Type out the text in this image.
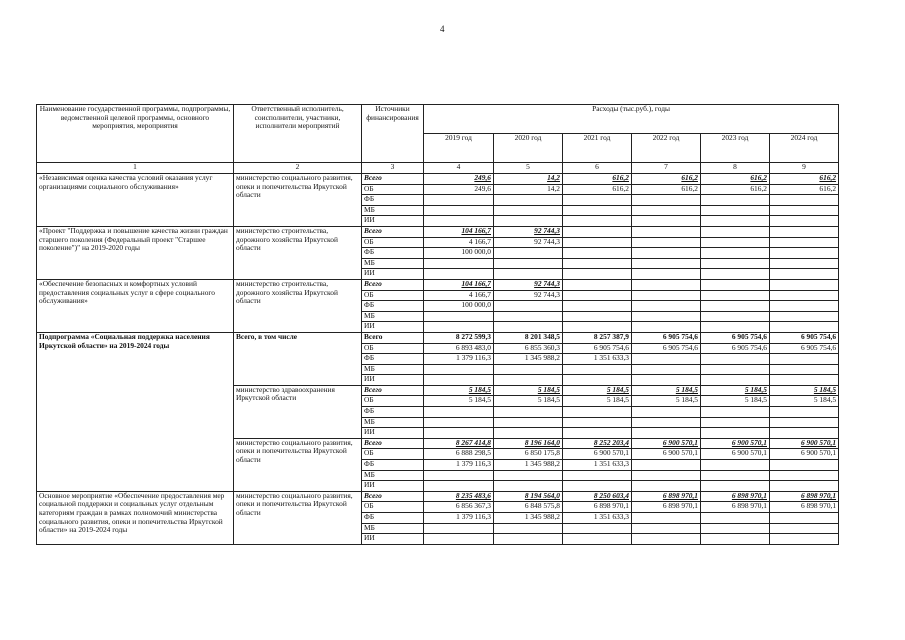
4
Наименование государственной программы, подпрограммы, ведомственной целевой программы, основного мероприятия, мероприятия	Ответственный исполнитель, соисполнители, участники, исполнители мероприятий	Источники финансирования	Расходы (тыс.руб.), годы					
			2019 год	2020 год	2021 год	2022 год	2023 год	2024 год
1	2	3	4	5	6	7	8	9
«Независимая оценка качества условий оказания услуг организациями социального обслуживания»	министерство социального развития, опеки и попечительства Иркутской области	Всего	249,6	14,2	616,2	616,2	616,2	616,2
		ОБ	249,6	14,2	616,2	616,2	616,2	616,2
		ФБ						
		МБ						
		ИИ						
«Проект "Поддержка и повышение качества жизни граждан старшего поколения (Федеральный проект "Старшее поколение")" на 2019-2020 годы	министерство строительства, дорожного хозяйства Иркутской области	Всего	104 166,7	92 744,3				
		ОБ	4 166,7	92 744,3				
		ФБ	100 000,0					
		МБ						
		ИИ						
«Обеспечение безопасных и комфортных условий предоставления социальных услуг в сфере социального обслуживания»	министерство строительства, дорожного хозяйства Иркутской области	Всего	104 166,7	92 744,3				
		ОБ	4 166,7	92 744,3				
		ФБ	100 000,0					
		МБ						
		ИИ						
Подпрограмма «Социальная поддержка населения Иркутской области» на 2019-2024 годы	Всего, в том числе	Всего	8 272 599,3	8 201 348,5	8 257 387,9	6 905 754,6	6 905 754,6	6 905 754,6
		ОБ	6 893 483,0	6 855 360,3	6 905 754,6	6 905 754,6	6 905 754,6	6 905 754,6
		ФБ	1 379 116,3	1 345 988,2	1 351 633,3			
		МБ						
		ИИ						
	министерство здравоохранения Иркутской области	Всего	5 184,5	5 184,5	5 184,5	5 184,5	5 184,5	5 184,5
		ОБ	5 184,5	5 184,5	5 184,5	5 184,5	5 184,5	5 184,5
		ФБ						
		МБ						
		ИИ						
	министерство социального развития, опеки и попечительства Иркутской области	Всего	8 267 414,8	8 196 164,0	8 252 203,4	6 900 570,1	6 900 570,1	6 900 570,1
		ОБ	6 888 298,5	6 850 175,8	6 900 570,1	6 900 570,1	6 900 570,1	6 900 570,1
		ФБ	1 379 116,3	1 345 988,2	1 351 633,3			
		МБ						
		ИИ						
Основное мероприятие «Обеспечение предоставления мер социальной поддержки и социальных услуг отдельным категориям граждан в рамках полномочий министерства социального развития, опеки и попечительства Иркутской области» на 2019-2024 годы	министерство социального развития, опеки и попечительства Иркутской области	Всего	8 235 483,6	8 194 564,0	8 250 603,4	6 898 970,1	6 898 970,1	6 898 970,1
		ОБ	6 856 367,3	6 848 575,8	6 898 970,1	6 898 970,1	6 898 970,1	6 898 970,1
		ФБ	1 379 116,3	1 345 988,2	1 351 633,3			
		МБ						
		ИИ						
